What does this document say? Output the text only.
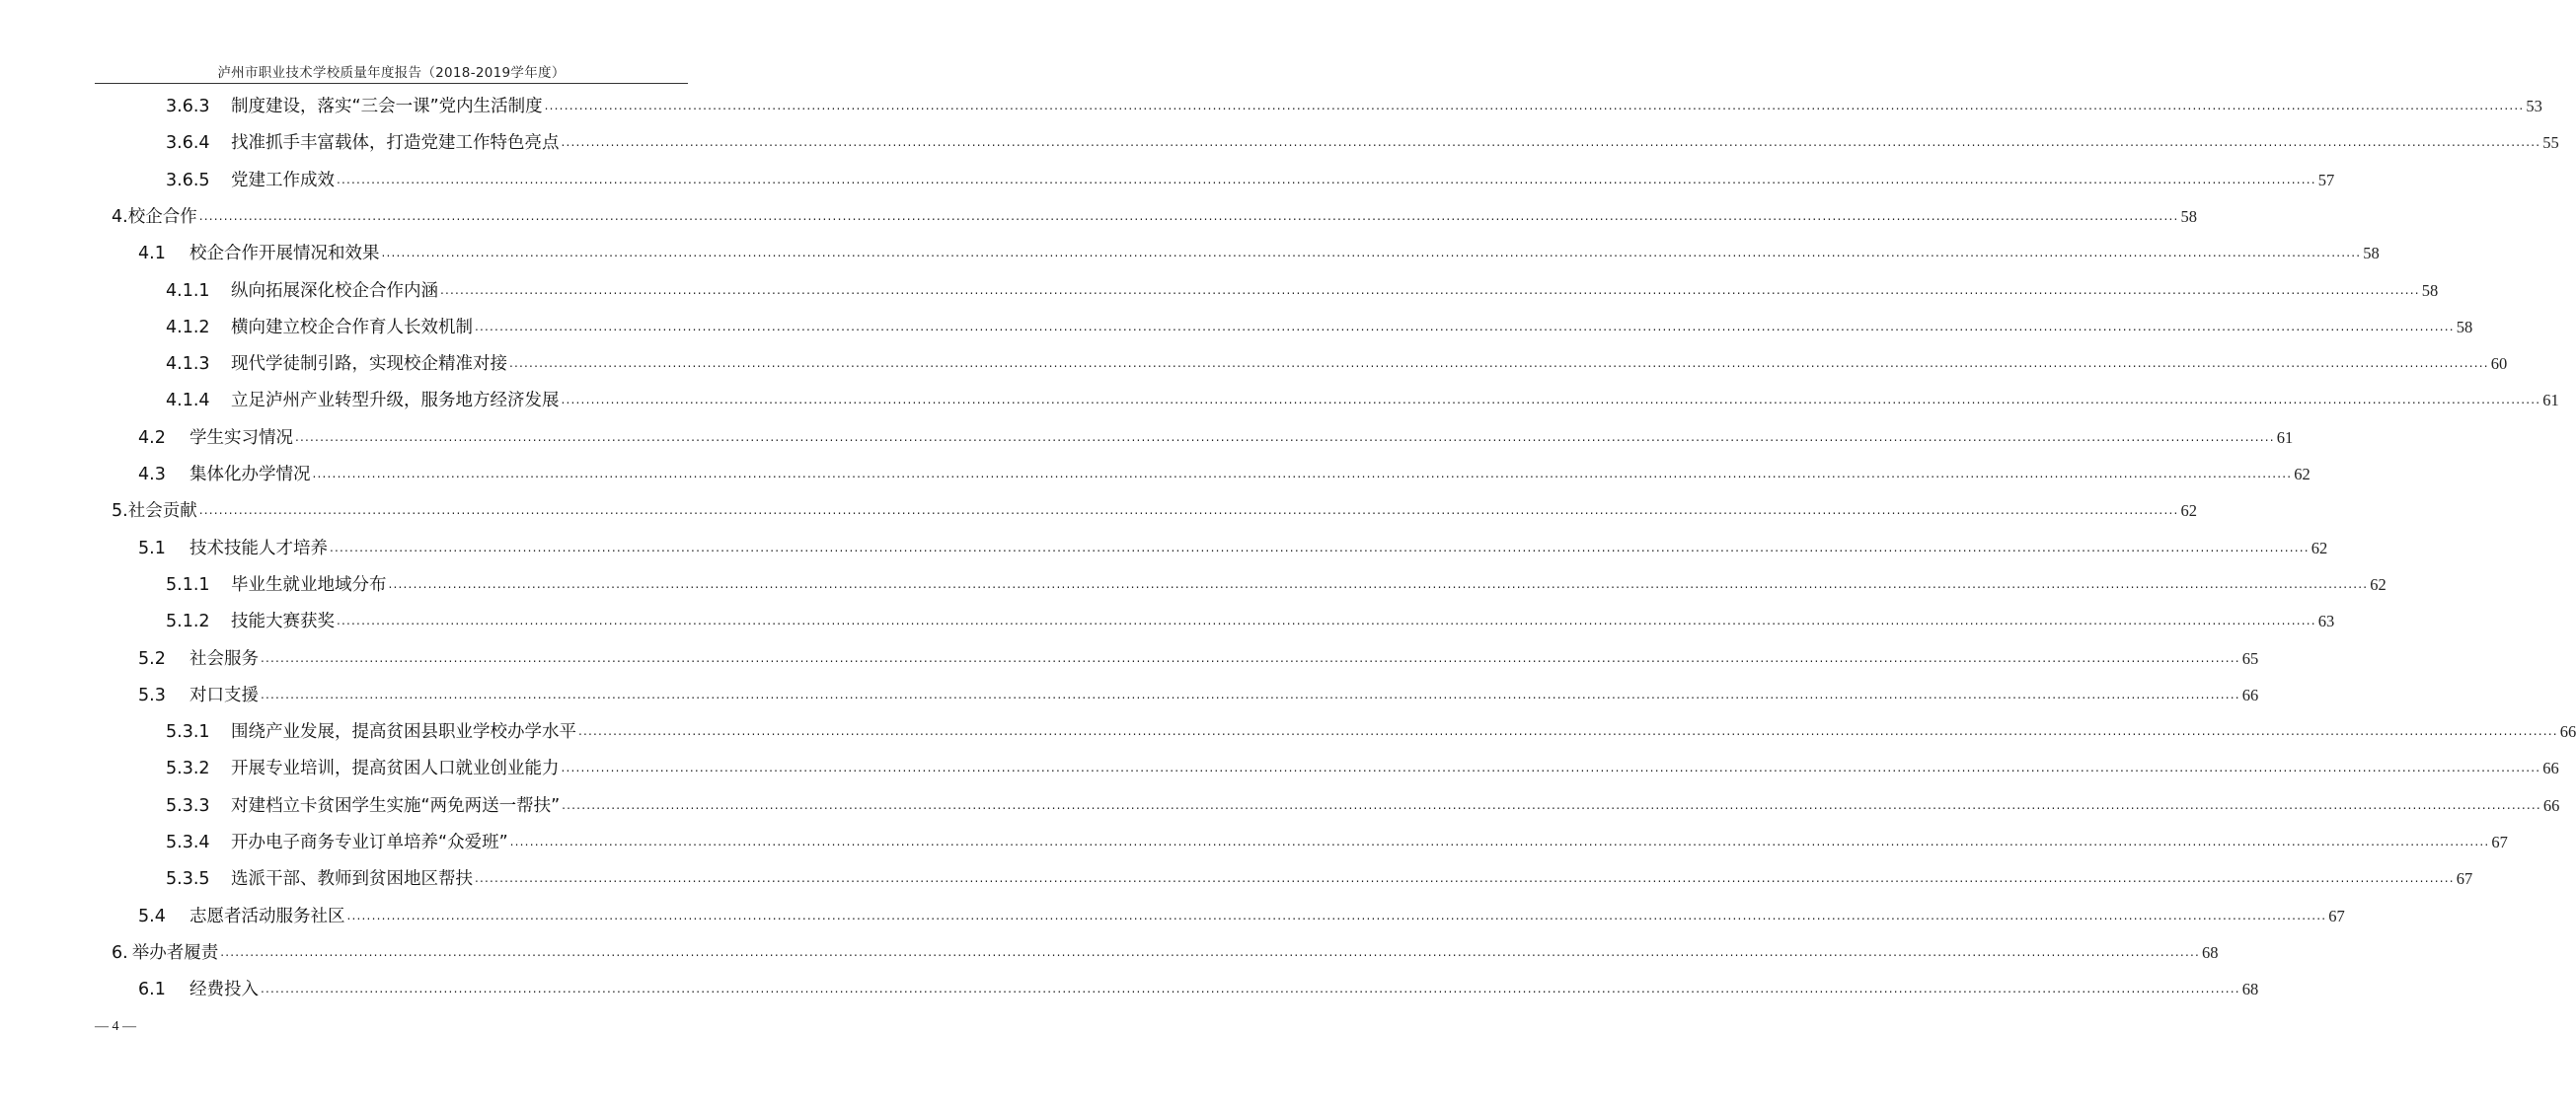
泸州市职业技术学校质量年度报告（2018-2019学年度）
3.6.3	制度建设，落实“三会一课”党内生活制度 ................................................................................................................................................................................................................................................................................................................................................................................................................ 53
3.6.4	找准抓手丰富载体，打造党建工作特色亮点 ................................................................................................................................................................................................................................................................................................................................................................................................................ 55
3.6.5	党建工作成效 ................................................................................................................................................................................................................................................................................................................................................................................................................ 57
4 .校企合作 ................................................................................................................................................................................................................................................................................................................................................................................................................ 58
4.1	校企合作开展情况和效果 ................................................................................................................................................................................................................................................................................................................................................................................................................ 58
4.1.1	纵向拓展深化校企合作内涵 ................................................................................................................................................................................................................................................................................................................................................................................................................ 58
4.1.2	横向建立校企合作育人长效机制 ................................................................................................................................................................................................................................................................................................................................................................................................................ 58
4.1.3	现代学徒制引路，实现校企精准对接 ................................................................................................................................................................................................................................................................................................................................................................................................................ 60
4.1.4	立足泸州产业转型升级，服务地方经济发展 ................................................................................................................................................................................................................................................................................................................................................................................................................ 61
4.2	学生实习情况 ................................................................................................................................................................................................................................................................................................................................................................................................................ 61
4.3	集体化办学情况 ................................................................................................................................................................................................................................................................................................................................................................................................................ 62
5 .社会贡献 ................................................................................................................................................................................................................................................................................................................................................................................................................ 62
5.1	技术技能人才培养 ................................................................................................................................................................................................................................................................................................................................................................................................................ 62
5.1.1	毕业生就业地域分布 ................................................................................................................................................................................................................................................................................................................................................................................................................ 62
5.1.2	技能大赛获奖 ................................................................................................................................................................................................................................................................................................................................................................................................................ 63
5.2	社会服务 ................................................................................................................................................................................................................................................................................................................................................................................................................ 65
5.3	对口支援 ................................................................................................................................................................................................................................................................................................................................................................................................................ 66
5.3.1	围绕产业发展，提高贫困县职业学校办学水平 ................................................................................................................................................................................................................................................................................................................................................................................................................ 66
5.3.2	开展专业培训，提高贫困人口就业创业能力 ................................................................................................................................................................................................................................................................................................................................................................................................................ 66
5.3.3	对建档立卡贫困学生实施“两免两送一帮扶” ................................................................................................................................................................................................................................................................................................................................................................................................................ 66
5.3.4	开办电子商务专业订单培养“众爱班” ................................................................................................................................................................................................................................................................................................................................................................................................................ 67
5.3.5	选派干部、教师到贫困地区帮扶 ................................................................................................................................................................................................................................................................................................................................................................................................................ 67
5.4	志愿者活动服务社区 ................................................................................................................................................................................................................................................................................................................................................................................................................ 67
6. 举办者履责 ................................................................................................................................................................................................................................................................................................................................................................................................................ 68
6.1	经费投入 ................................................................................................................................................................................................................................................................................................................................................................................................................ 68
— 4 —
